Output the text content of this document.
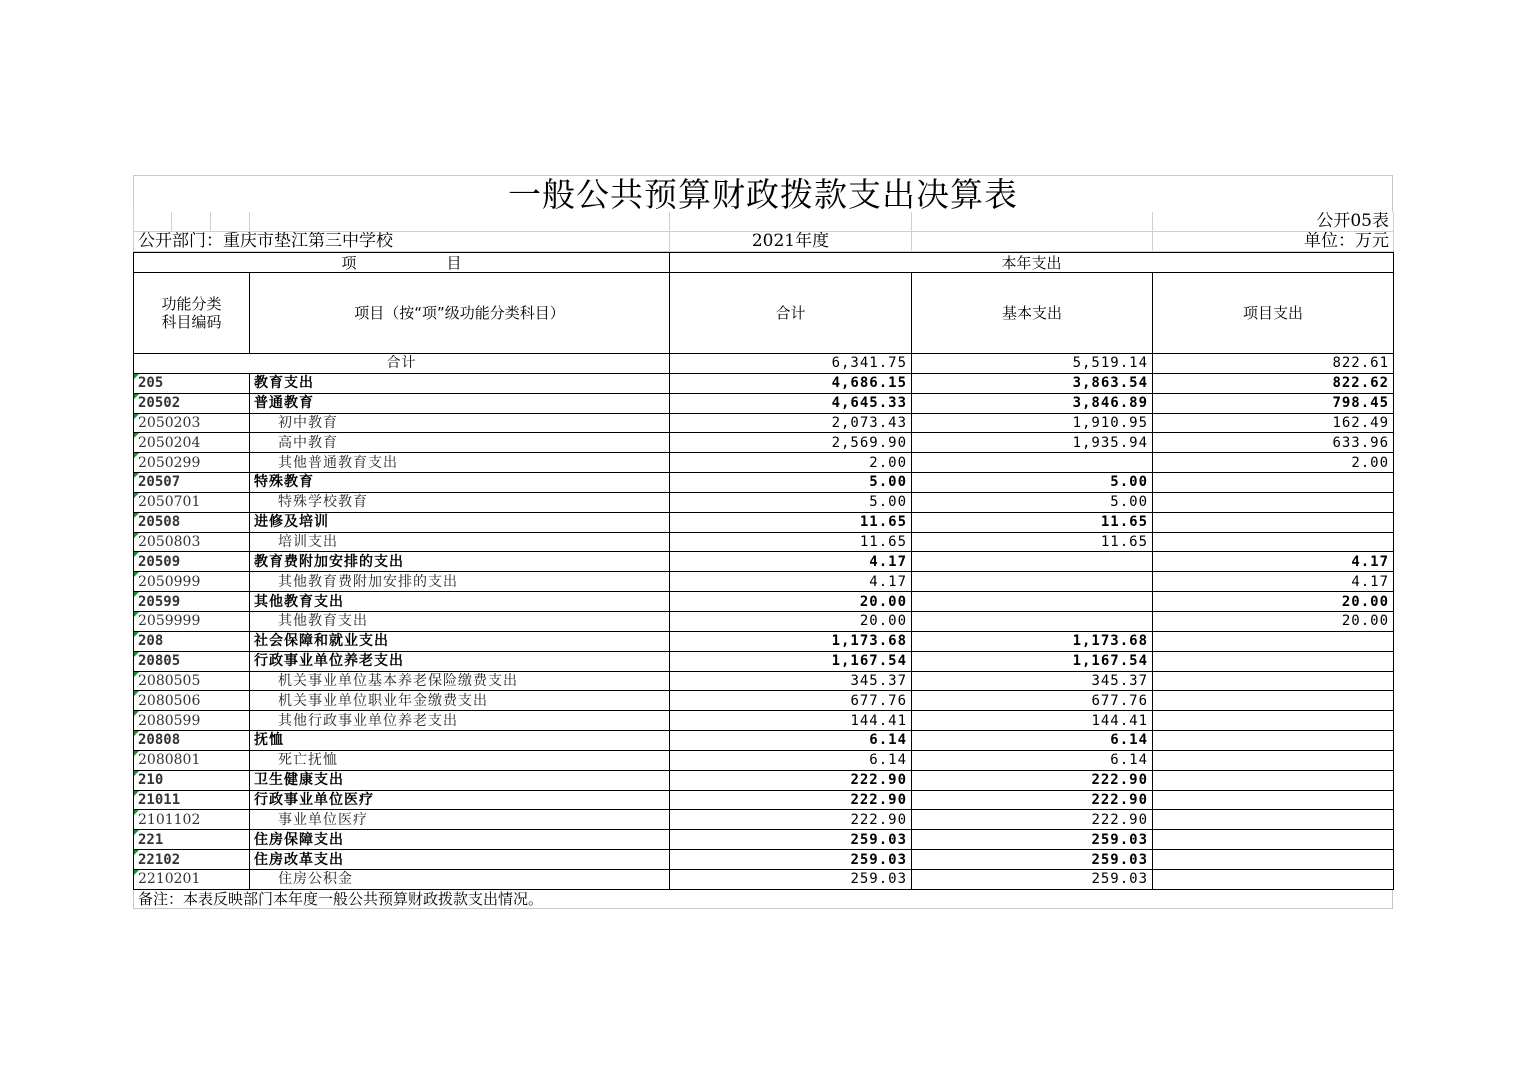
一般公共预算财政拨款支出决算表
						公开05表
公开部门：重庆市垫江第三中学校				2021年度		单位：万元
项　　　　　　目		本年支出		
功能分类
科目编码	项目（按“项”级功能分类科目）	合计	基本支出	项目支出
合计		6,341.75	5,519.14	822.61
205	教育支出	4,686.15	3,863.54	822.62
20502	普通教育	4,645.33	3,846.89	798.45
2050203	初中教育	2,073.43	1,910.95	162.49
2050204	高中教育	2,569.90	1,935.94	633.96
2050299	其他普通教育支出	2.00		2.00
20507	特殊教育	5.00	5.00	
2050701	特殊学校教育	5.00	5.00	
20508	进修及培训	11.65	11.65	
2050803	培训支出	11.65	11.65	
20509	教育费附加安排的支出	4.17		4.17
2050999	其他教育费附加安排的支出	4.17		4.17
20599	其他教育支出	20.00		20.00
2059999	其他教育支出	20.00		20.00
208	社会保障和就业支出	1,173.68	1,173.68	
20805	行政事业单位养老支出	1,167.54	1,167.54	
2080505	机关事业单位基本养老保险缴费支出	345.37	345.37	
2080506	机关事业单位职业年金缴费支出	677.76	677.76	
2080599	其他行政事业单位养老支出	144.41	144.41	
20808	抚恤	6.14	6.14	
2080801	死亡抚恤	6.14	6.14	
210	卫生健康支出	222.90	222.90	
21011	行政事业单位医疗	222.90	222.90	
2101102	事业单位医疗	222.90	222.90	
221	住房保障支出	259.03	259.03	
22102	住房改革支出	259.03	259.03	
2210201	住房公积金	259.03	259.03	
备注：本表反映部门本年度一般公共预算财政拨款支出情况。
